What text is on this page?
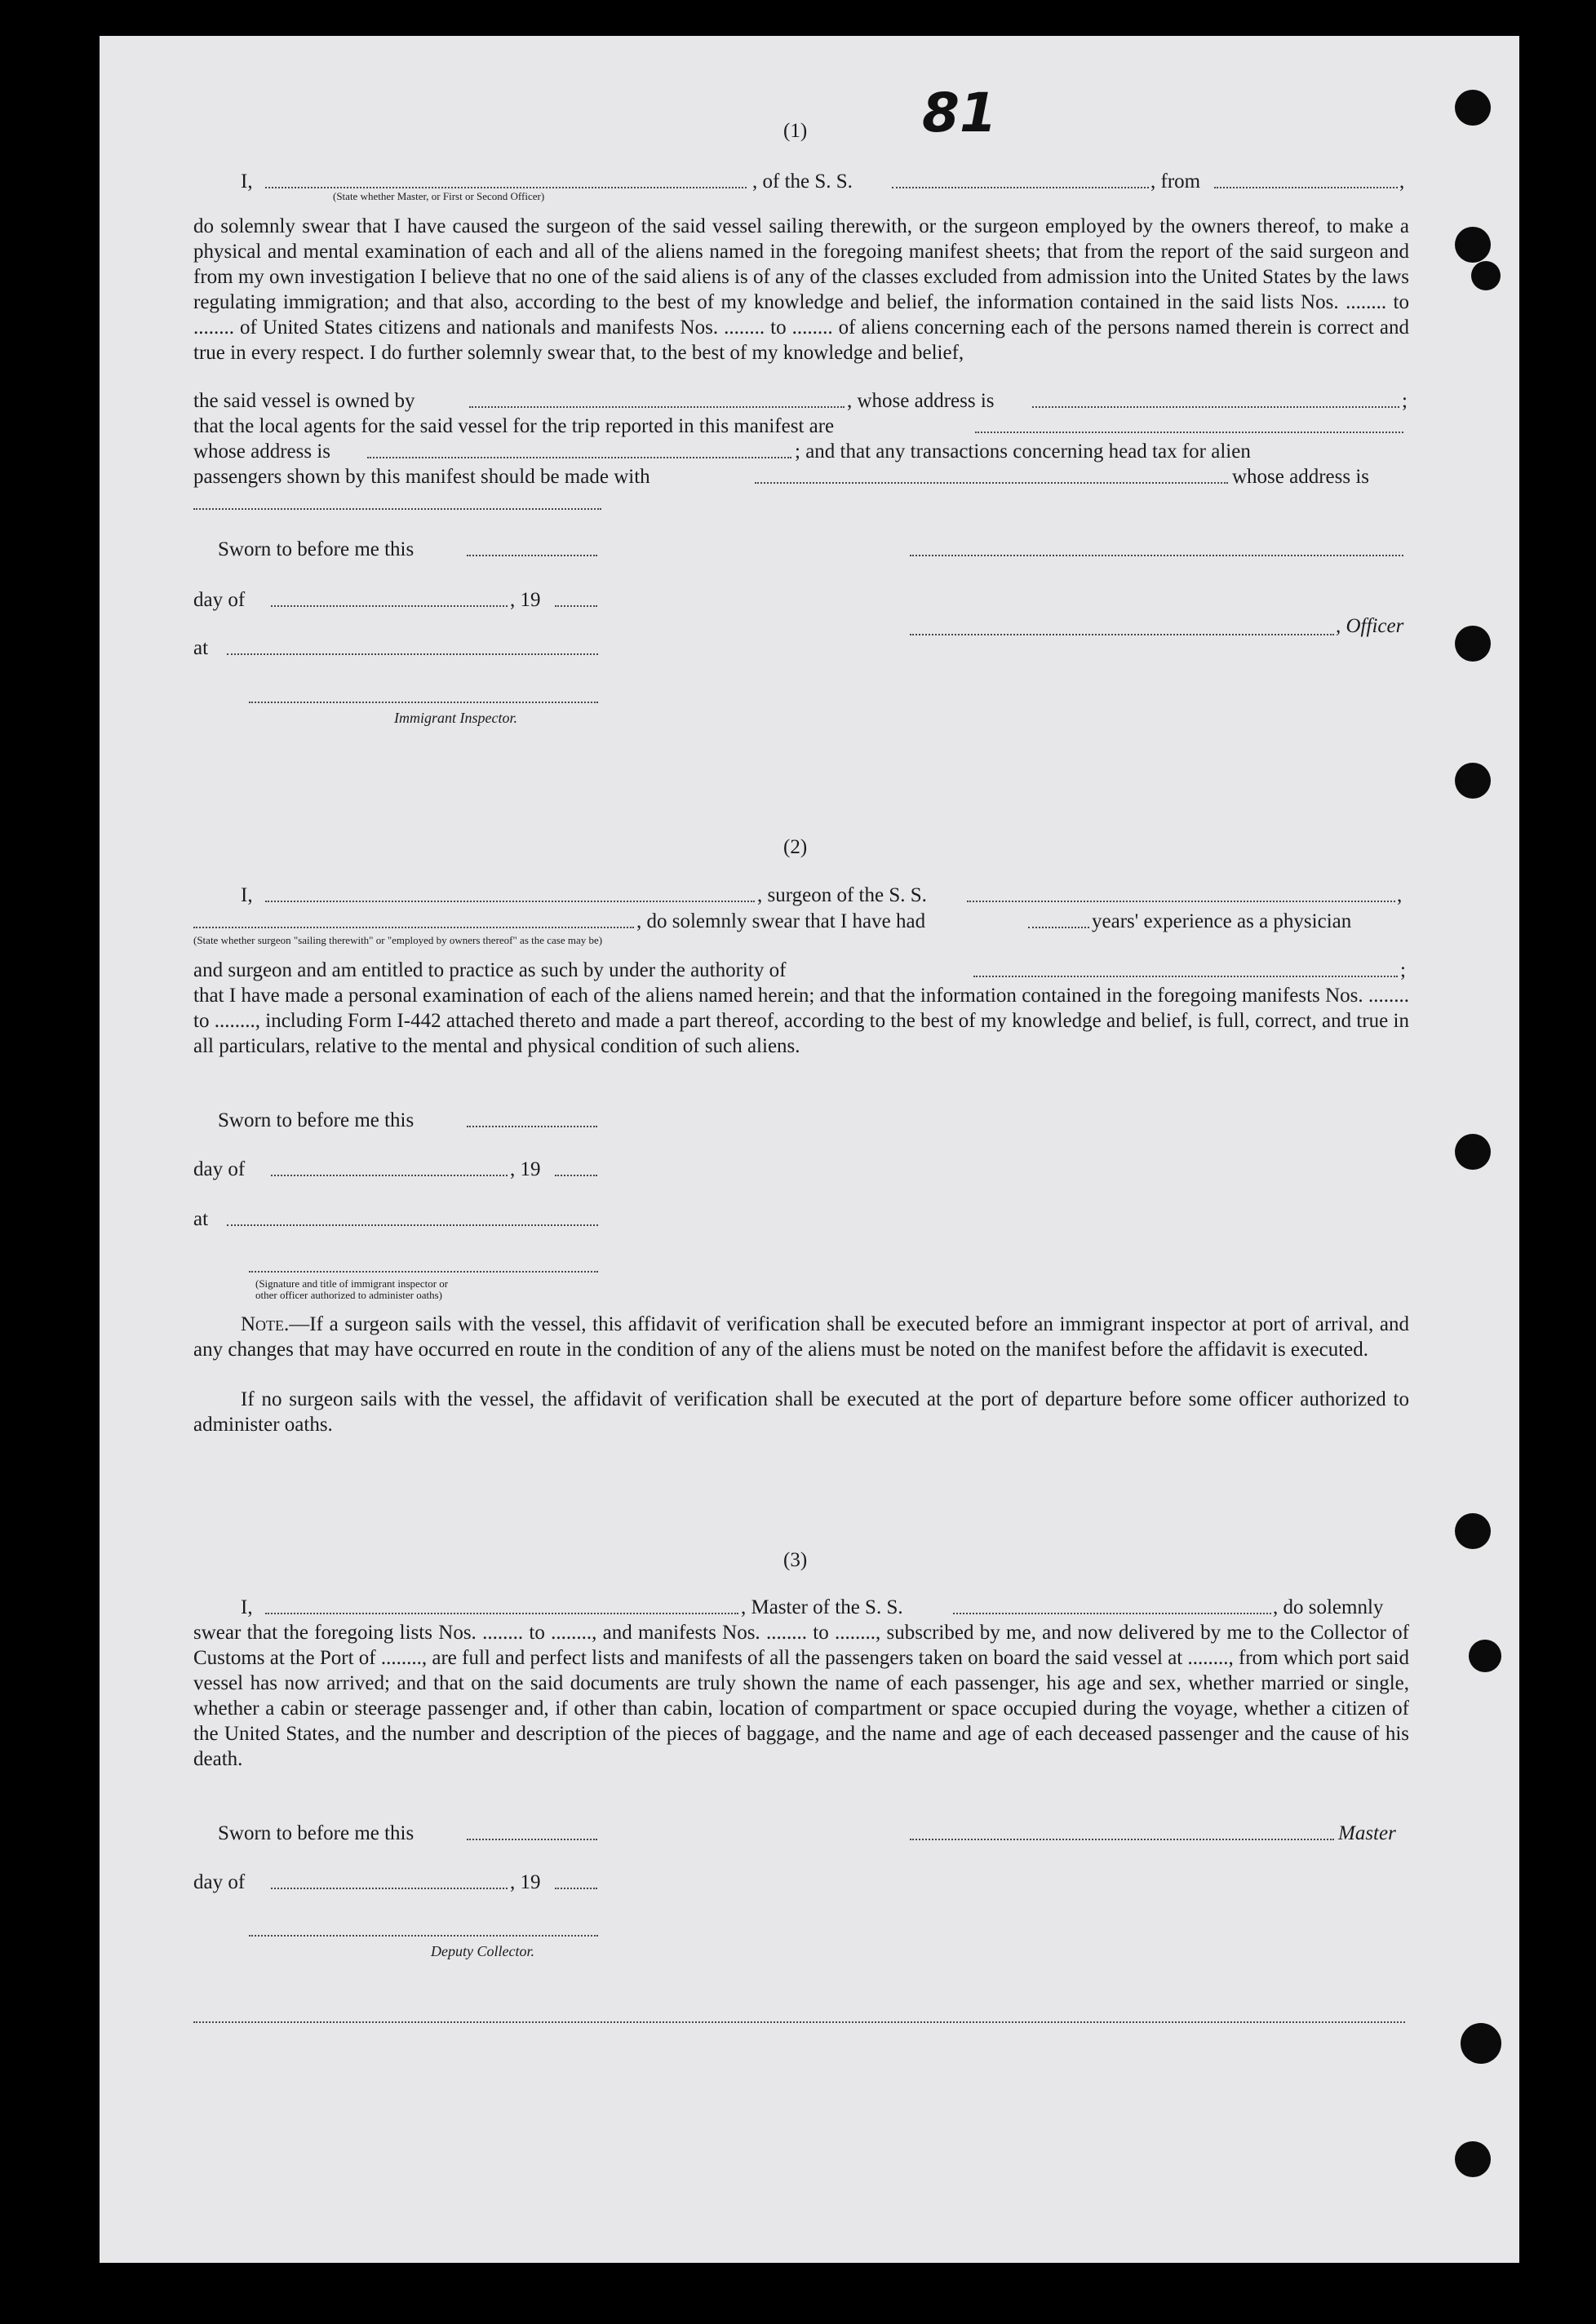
81
(1)
I,	, of the S. S.	, from	,
(State whether Master, or First or Second Officer)
do solemnly swear that I have caused the surgeon of the said vessel sailing therewith, or the surgeon employed by the owners thereof, to make a physical and mental examination of each and all of the aliens named in the foregoing manifest sheets; that from the report of the said surgeon and from my own investigation I believe that no one of the said aliens is of any of the classes excluded from admission into the United States by the laws regulating immigration; and that also, according to the best of my knowledge and belief, the information contained in the said lists Nos. ........ to ........ of United States citizens and nationals and manifests Nos. ........ to ........ of aliens concerning each of the persons named therein is correct and true in every respect. I do further solemnly swear that, to the best of my knowledge and belief,
the said vessel is owned by	, whose address is	;
that the local agents for the said vessel for the trip reported in this manifest are
whose address is	; and that any transactions concerning head tax for alien
passengers shown by this manifest should be made with	whose address is
Sworn to before me this
day of	, 19
, Officer
at
Immigrant Inspector.
(2)
I,	, surgeon of the S. S.	,
, do solemnly swear that I have had	years' experience as a physician
(State whether surgeon "sailing therewith" or "employed by owners thereof" as the case may be)
and surgeon and am entitled to practice as such by under the authority of	;
that I have made a personal examination of each of the aliens named herein; and that the information contained in the foregoing manifests Nos. ........ to ........, including Form I-442 attached thereto and made a part thereof, according to the best of my knowledge and belief, is full, correct, and true in all particulars, relative to the mental and physical condition of such aliens.
Sworn to before me this
day of	, 19
at
(Signature and title of immigrant inspector or
other officer authorized to administer oaths)
Note.—If a surgeon sails with the vessel, this affidavit of verification shall be executed before an immigrant inspector at port of arrival, and any changes that may have occurred en route in the condition of any of the aliens must be noted on the manifest before the affidavit is executed.
If no surgeon sails with the vessel, the affidavit of verification shall be executed at the port of departure before some officer authorized to administer oaths.
(3)
I,	, Master of the S. S.	, do solemnly
swear that the foregoing lists Nos. ........ to ........, and manifests Nos. ........ to ........, subscribed by me, and now delivered by me to the Collector of Customs at the Port of ........, are full and perfect lists and manifests of all the passengers taken on board the said vessel at ........, from which port said vessel has now arrived; and that on the said documents are truly shown the name of each passenger, his age and sex, whether married or single, whether a cabin or steerage passenger and, if other than cabin, location of compartment or space occupied during the voyage, whether a citizen of the United States, and the number and description of the pieces of baggage, and the name and age of each deceased passenger and the cause of his death.
Sworn to before me this	Master
day of	, 19
Deputy Collector.
